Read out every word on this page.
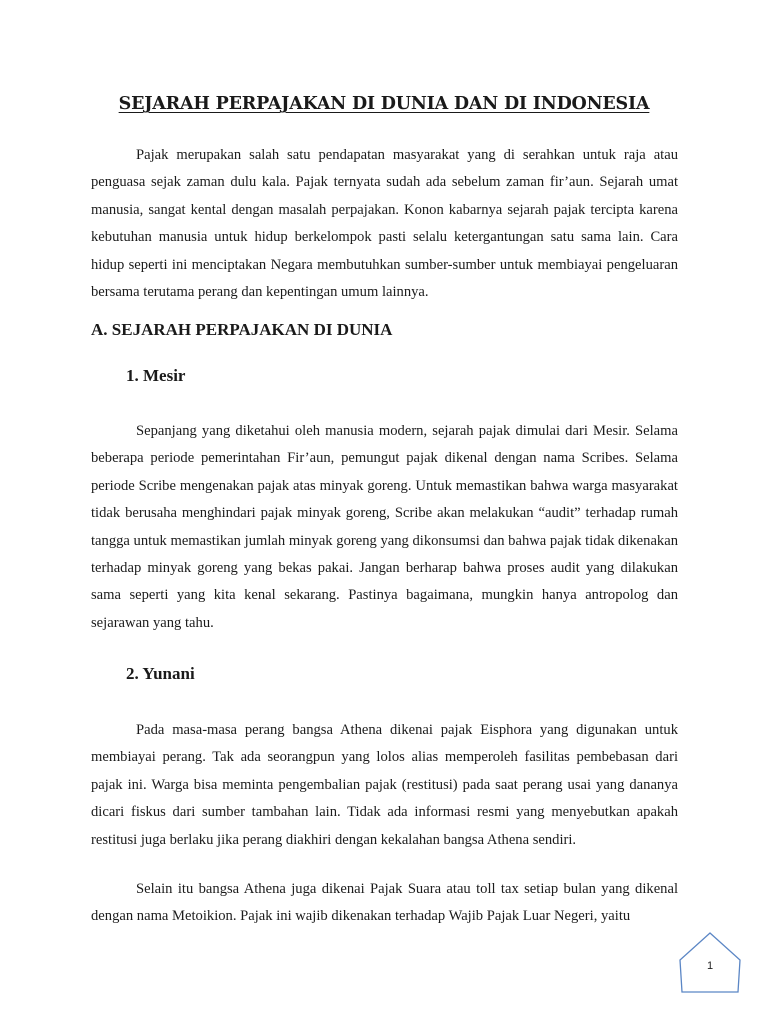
SEJARAH PERPAJAKAN DI DUNIA DAN DI INDONESIA

Pajak merupakan salah satu pendapatan masyarakat yang di serahkan untuk raja atau penguasa sejak zaman dulu kala. Pajak ternyata sudah ada sebelum zaman fir’aun. Sejarah umat manusia, sangat kental dengan masalah perpajakan. Konon kabarnya sejarah pajak tercipta karena kebutuhan manusia untuk hidup berkelompok pasti selalu ketergantungan satu sama lain. Cara hidup seperti ini menciptakan Negara membutuhkan sumber-sumber untuk membiayai pengeluaran bersama terutama perang dan kepentingan umum lainnya.

A. SEJARAH PERPAJAKAN DI DUNIA
1. Mesir

Sepanjang yang diketahui oleh manusia modern, sejarah pajak dimulai dari Mesir. Selama beberapa periode pemerintahan Fir’aun, pemungut pajak dikenal dengan nama Scribes. Selama periode Scribe mengenakan pajak atas minyak goreng. Untuk memastikan bahwa warga masyarakat tidak berusaha menghindari pajak minyak goreng, Scribe akan melakukan “audit” terhadap rumah tangga untuk memastikan jumlah minyak goreng yang dikonsumsi dan bahwa pajak tidak dikenakan terhadap minyak goreng yang bekas pakai. Jangan berharap bahwa proses audit yang dilakukan sama seperti yang kita kenal sekarang. Pastinya bagaimana, mungkin hanya antropolog dan sejarawan yang tahu.

2. Yunani

Pada masa-masa perang bangsa Athena dikenai pajak Eisphora yang digunakan untuk membiayai perang. Tak ada seorangpun yang lolos alias memperoleh fasilitas pembebasan dari pajak ini. Warga bisa meminta pengembalian pajak (restitusi) pada saat perang usai yang dananya dicari fiskus dari sumber tambahan lain. Tidak ada informasi resmi yang menyebutkan apakah restitusi juga berlaku jika perang diakhiri dengan kekalahan bangsa Athena sendiri.

Selain itu bangsa Athena juga dikenai Pajak Suara atau toll tax setiap bulan yang dikenal dengan nama Metoikion. Pajak ini wajib dikenakan terhadap Wajib Pajak Luar Negeri, yaitu

1
